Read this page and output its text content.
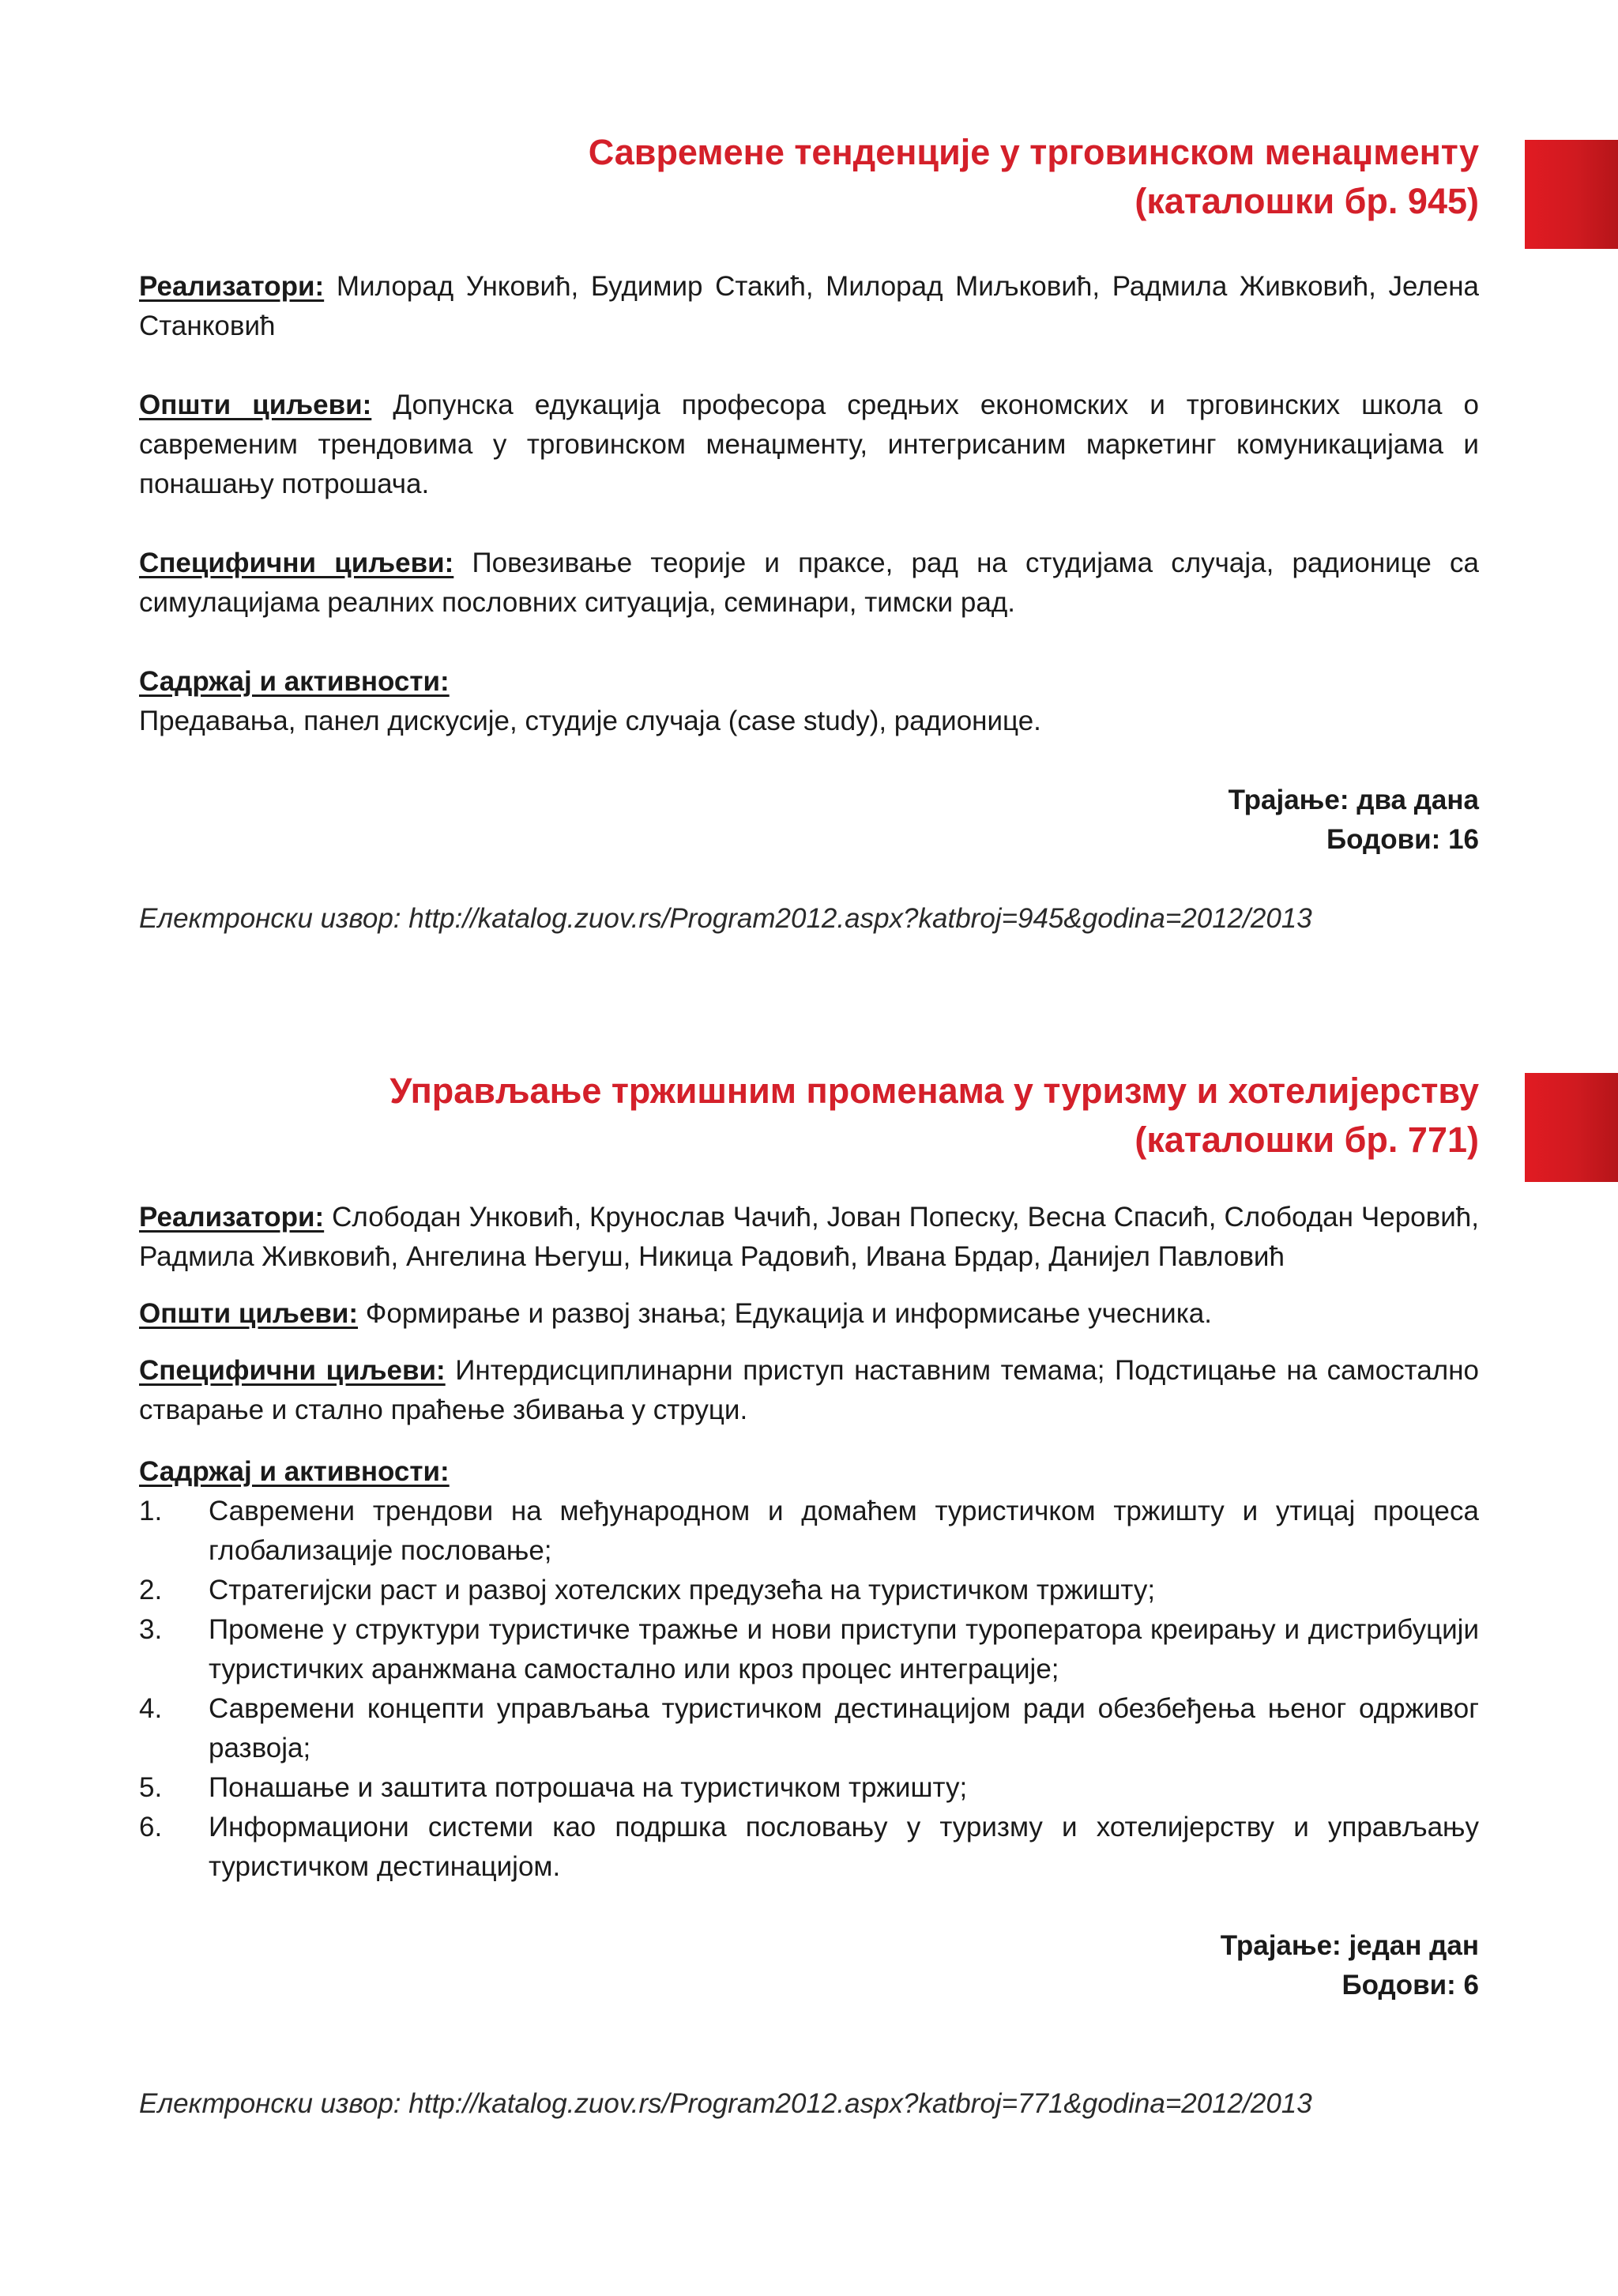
Савремене тенденције у трговинском менаџменту
(каталошки бр. 945)

Реализатори: Милорад Унковић, Будимир Стакић, Милорад Миљковић, Радмила Живковић, Јелена Станковић

Општи циљеви: Допунска едукација професора средњих економских и трговинских школа о савременим трендовима у трговинском менаџменту, интегрисаним маркетинг комуникацијама и понашању потрошача.

Специфични циљеви: Повезивање теорије и праксе, рад на студијама случаја, радионице са симулацијама реалних пословних ситуација, семинари, тимски рад.

Садржај и активности:
Предавања, панел дискусије, студије случаја (case study), радионице.

Трајање: два дана

Бодови: 16

Електронски извор: http://katalog.zuov.rs/Program2012.aspx?katbroj=945&godina=2012/2013

Управљање тржишним променама у туризму и хотелијерству
(каталошки бр. 771)

Реализатори: Слободан Унковић, Крунослав Чачић, Јован Попеску, Весна Спасић, Слободан Черовић, Радмила Живковић, Ангелина Његуш, Никица Радовић, Ивана Брдар, Данијел Павловић

Општи циљеви: Формирање и развој знања; Едукација и информисање учесника.

Специфични циљеви: Интердисциплинарни приступ наставним темама; Подстицање на самостално стварање и стално праћење збивања у струци.

Садржај и активности:

1. Савремени трендови на међународном и домаћем туристичком тржишту и утицај процеса глобализације пословање;
2. Стратегијски раст и развој хотелских предузећа на туристичком тржишту;
3. Промене у структури туристичке тражње и нови приступи туроператора креирању и дистрибуцији туристичких аранжмана самостално или кроз процес интеграције;
4. Савремени концепти управљања туристичком дестинацијом ради обезбеђења њеног одрживог развоја;
5. Понашање и заштита потрошача на туристичком тржишту;
6. Информациони системи као подршка пословању у туризму и хотелијерству и управљању туристичком дестинацијом.

Трајање: један дан

Бодови: 6

Електронски извор: http://katalog.zuov.rs/Program2012.aspx?katbroj=771&godina=2012/2013
